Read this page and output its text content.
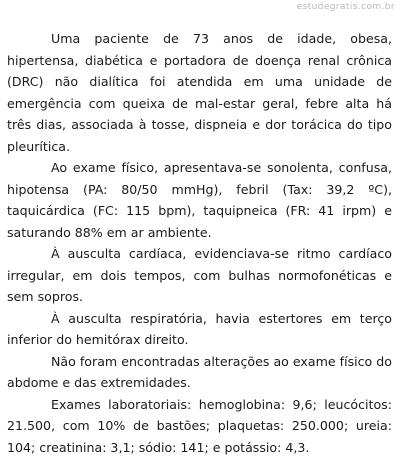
estudegratis.com.br

Uma paciente de 73 anos de idade, obesa, hipertensa, diabética e portadora de doença renal crônica (DRC) não dialítica foi atendida em uma unidade de emergência com queixa de mal-estar geral, febre alta há três dias, associada à tosse, dispneia e dor torácica do tipo pleurítica.

Ao exame físico, apresentava-se sonolenta, confusa, hipotensa (PA: 80/50 mmHg), febril (Tax: 39,2 ºC), taquicárdica (FC: 115 bpm), taquipneica (FR: 41 irpm) e saturando 88% em ar ambiente.

À ausculta cardíaca, evidenciava-se ritmo cardíaco irregular, em dois tempos, com bulhas normofonéticas e sem sopros.

À ausculta respiratória, havia estertores em terço inferior do hemitórax direito.

Não foram encontradas alterações ao exame físico do abdome e das extremidades.

Exames laboratoriais: hemoglobina: 9,6; leucócitos: 21.500, com 10% de bastões; plaquetas: 250.000; ureia: 104; creatinina: 3,1; sódio: 141; e potássio: 4,3.
